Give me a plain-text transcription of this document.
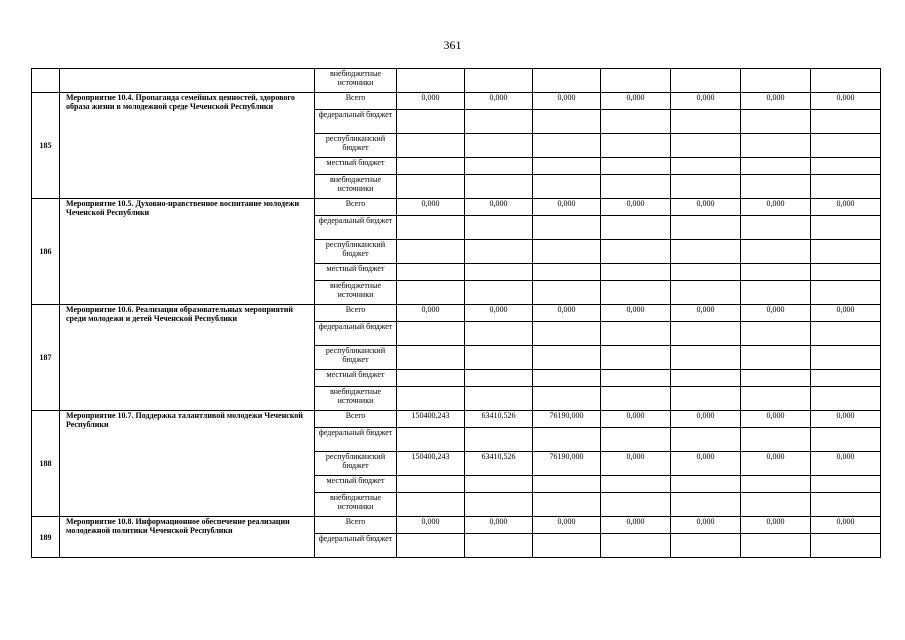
361
		внебюджетные источники							
185	Мероприятие 10.4. Пропаганда семейных ценностей, здорового образа жизни в молодежной среде Чеченской Республики	Всего	0,000	0,000	0,000	0,000	0,000	0,000	0,000
		федеральный бюджет							
		республиканский бюджет							
		местный бюджет							
		внебюджетные источники							
186	Мероприятие 10.5. Духовно-нравственное воспитание молодежи Чеченской Республики	Всего	0,000	0,000	0,000	0,000	0,000	0,000	0,000
		федеральный бюджет							
		республиканский бюджет							
		местный бюджет							
		внебюджетные источники							
187	Мероприятие 10.6. Реализация образовательных мероприятий среди молодежи и детей Чеченской Республики	Всего	0,000	0,000	0,000	0,000	0,000	0,000	0,000
		федеральный бюджет							
		республиканский бюджет							
		местный бюджет							
		внебюджетные источники							
188	Мероприятие 10.7. Поддержка талантливой молодежи Чеченской Республики	Всего	150400,243	63410,526	76190,000	0,000	0,000	0,000	0,000
		федеральный бюджет							
		республиканский бюджет	150400,243	63410,526	76190,000	0,000	0,000	0,000	0,000
		местный бюджет							
		внебюджетные источники							
189	Мероприятие 10.8. Информационное обеспечение реализации молодежной политики Чеченской Республики	Всего	0,000	0,000	0,000	0,000	0,000	0,000	0,000
		федеральный бюджет							
